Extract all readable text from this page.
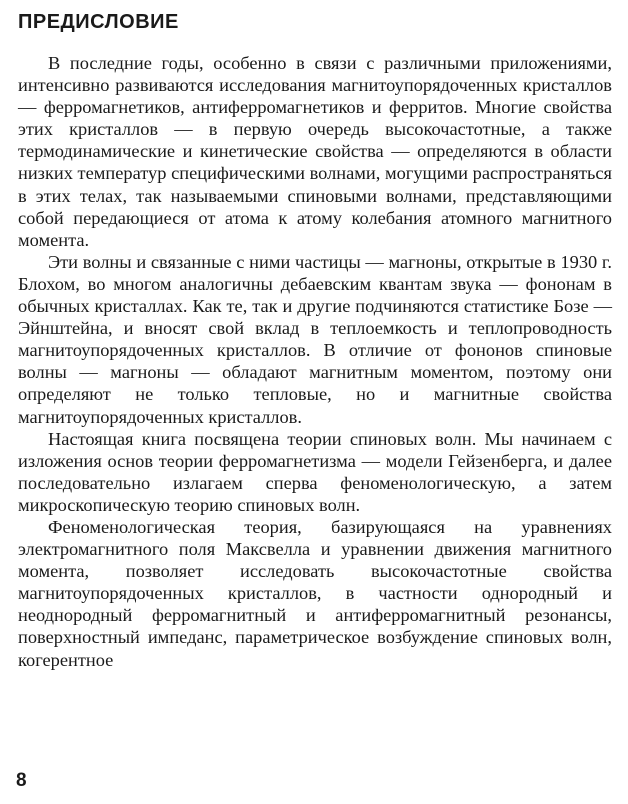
ПРЕДИСЛОВИЕ

В последние годы, особенно в связи с различными приложениями, интенсивно развиваются исследования магнитоупорядоченных кристаллов — ферромагнетиков, антиферромагнетиков и ферритов. Многие свойства этих кристаллов — в первую очередь высокочастотные, а также термодинамические и кинетические свойства — определяются в области низких температур специфическими волнами, могущими распространяться в этих телах, так называемыми спиновыми волнами, представляющими собой передающиеся от атома к атому колебания атомного магнитного момента.

Эти волны и связанные с ними частицы — магноны, открытые в 1930 г. Блохом, во многом аналогичны дебаевским квантам звука — фононам в обычных кристаллах. Как те, так и другие подчиняются статистике Бозе — Эйнштейна, и вносят свой вклад в теплоемкость и теплопроводность магнитоупорядоченных кристаллов. В отличие от фононов спиновые волны — магноны — обладают магнитным моментом, поэтому они определяют не только тепловые, но и магнитные свойства магнитоупорядоченных кристаллов.

Настоящая книга посвящена теории спиновых волн. Мы начинаем с изложения основ теории ферромагнетизма — модели Гейзенберга, и далее последовательно излагаем сперва феноменологическую, а затем микроскопическую теорию спиновых волн.

Феноменологическая теория, базирующаяся на уравнениях электромагнитного поля Максвелла и уравнении движения магнитного момента, позволяет исследовать высокочастотные свойства магнитоупорядоченных кристаллов, в частности однородный и неоднородный ферромагнитный и антиферромагнитный резонансы, поверхностный импеданс, параметрическое возбуждение спиновых волн, когерентное

8
